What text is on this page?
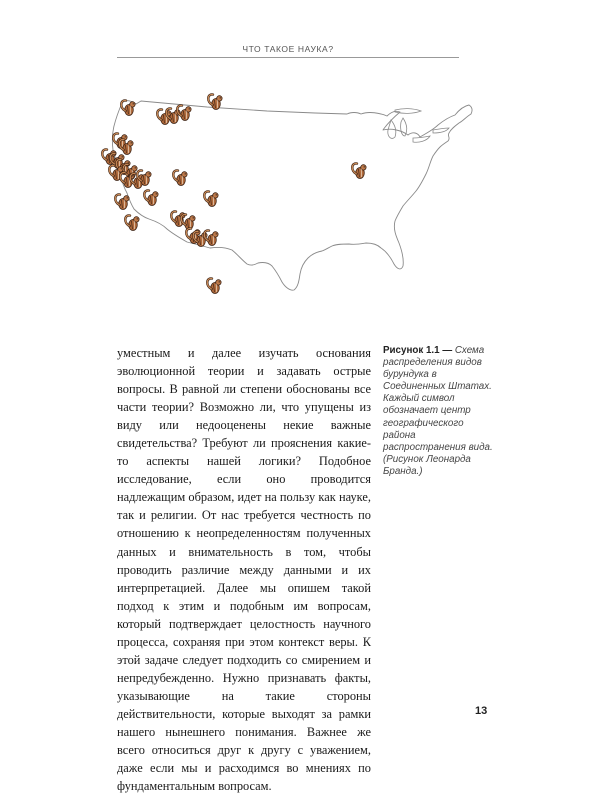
ЧТО ТАКОЕ НАУКА?
уместным и далее изучать основания эволюционной теории и задавать острые вопросы. В равной ли степени обоснованы все части теории? Возможно ли, что упущены из виду или недооценены некие важные свидетельства? Требуют ли прояснения какие-то аспекты нашей логики? Подобное исследование, если оно проводится надлежащим образом, идет на пользу как науке, так и религии. От нас требуется честность по отношению к неопределенностям полученных данных и внимательность в том, чтобы проводить различие между данными и их интерпретацией. Далее мы опишем такой подход к этим и подобным им вопросам, который подтверждает целостность научного процесса, сохраняя при этом контекст веры. К этой задаче следует подходить со смирением и непредубежденно. Нужно признавать факты, указывающие на такие стороны действительности, которые выходят за рамки нашего нынешнего понимания. Важнее же всего относиться друг к другу с уважением, даже если мы и расходимся во мнениях по фундаментальным вопросам.
Рисунок 1.1 — Схема распределения видов бурундука в Соединенных Штатах. Каждый символ обозначает центр географического района распространения вида. (Рисунок Леонарда Бранда.)
13
